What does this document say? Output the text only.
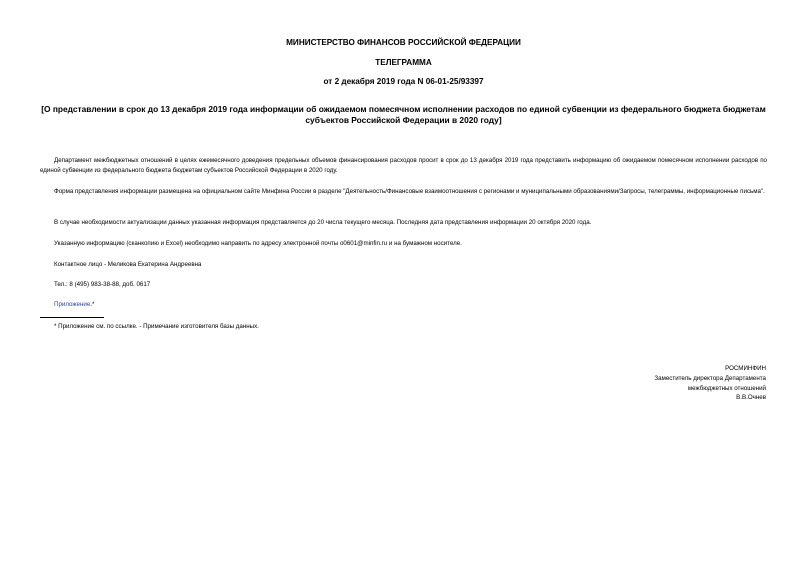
МИНИСТЕРСТВО ФИНАНСОВ РОССИЙСКОЙ ФЕДЕРАЦИИ
ТЕЛЕГРАММА
от 2 декабря 2019 года N 06-01-25/93397
[О представлении в срок до 13 декабря 2019 года информации об ожидаемом помесячном исполнении расходов по единой субвенции из федерального бюджета бюджетам субъектов Российской Федерации в 2020 году]

Департамент межбюджетных отношений в целях ежемесячного доведения предельных объемов финансирования расходов просит в срок до 13 декабря 2019 года представить информацию об ожидаемом помесячном исполнении расходов по единой субвенции из федерального бюджета бюджетам субъектов Российской Федерации в 2020 году.

Форма представления информации размещена на официальном сайте Минфина России в разделе "Деятельность/Финансовые взаимоотношения с регионами и муниципальными образованиями/Запросы, телеграммы, информационные письма".

В случае необходимости актуализации данных указанная информация представляется до 20 числа текущего месяца. Последняя дата представления информации 20 октября 2020 года.

Указанную информацию (сканкопию и Excel) необходимо направить по адресу электронной почты o0601@minfin.ru и на бумажном носителе.

Контактное лицо - Меликова Екатерина Андреевна

Тел.: 8 (495) 983-38-88, доб. 0617

Приложение.*

* Приложение см. по ссылке. - Примечание изготовителя базы данных.

РОСМИНФИН
Заместитель директора Департамента
межбюджетных отношений
В.В.Очнев
